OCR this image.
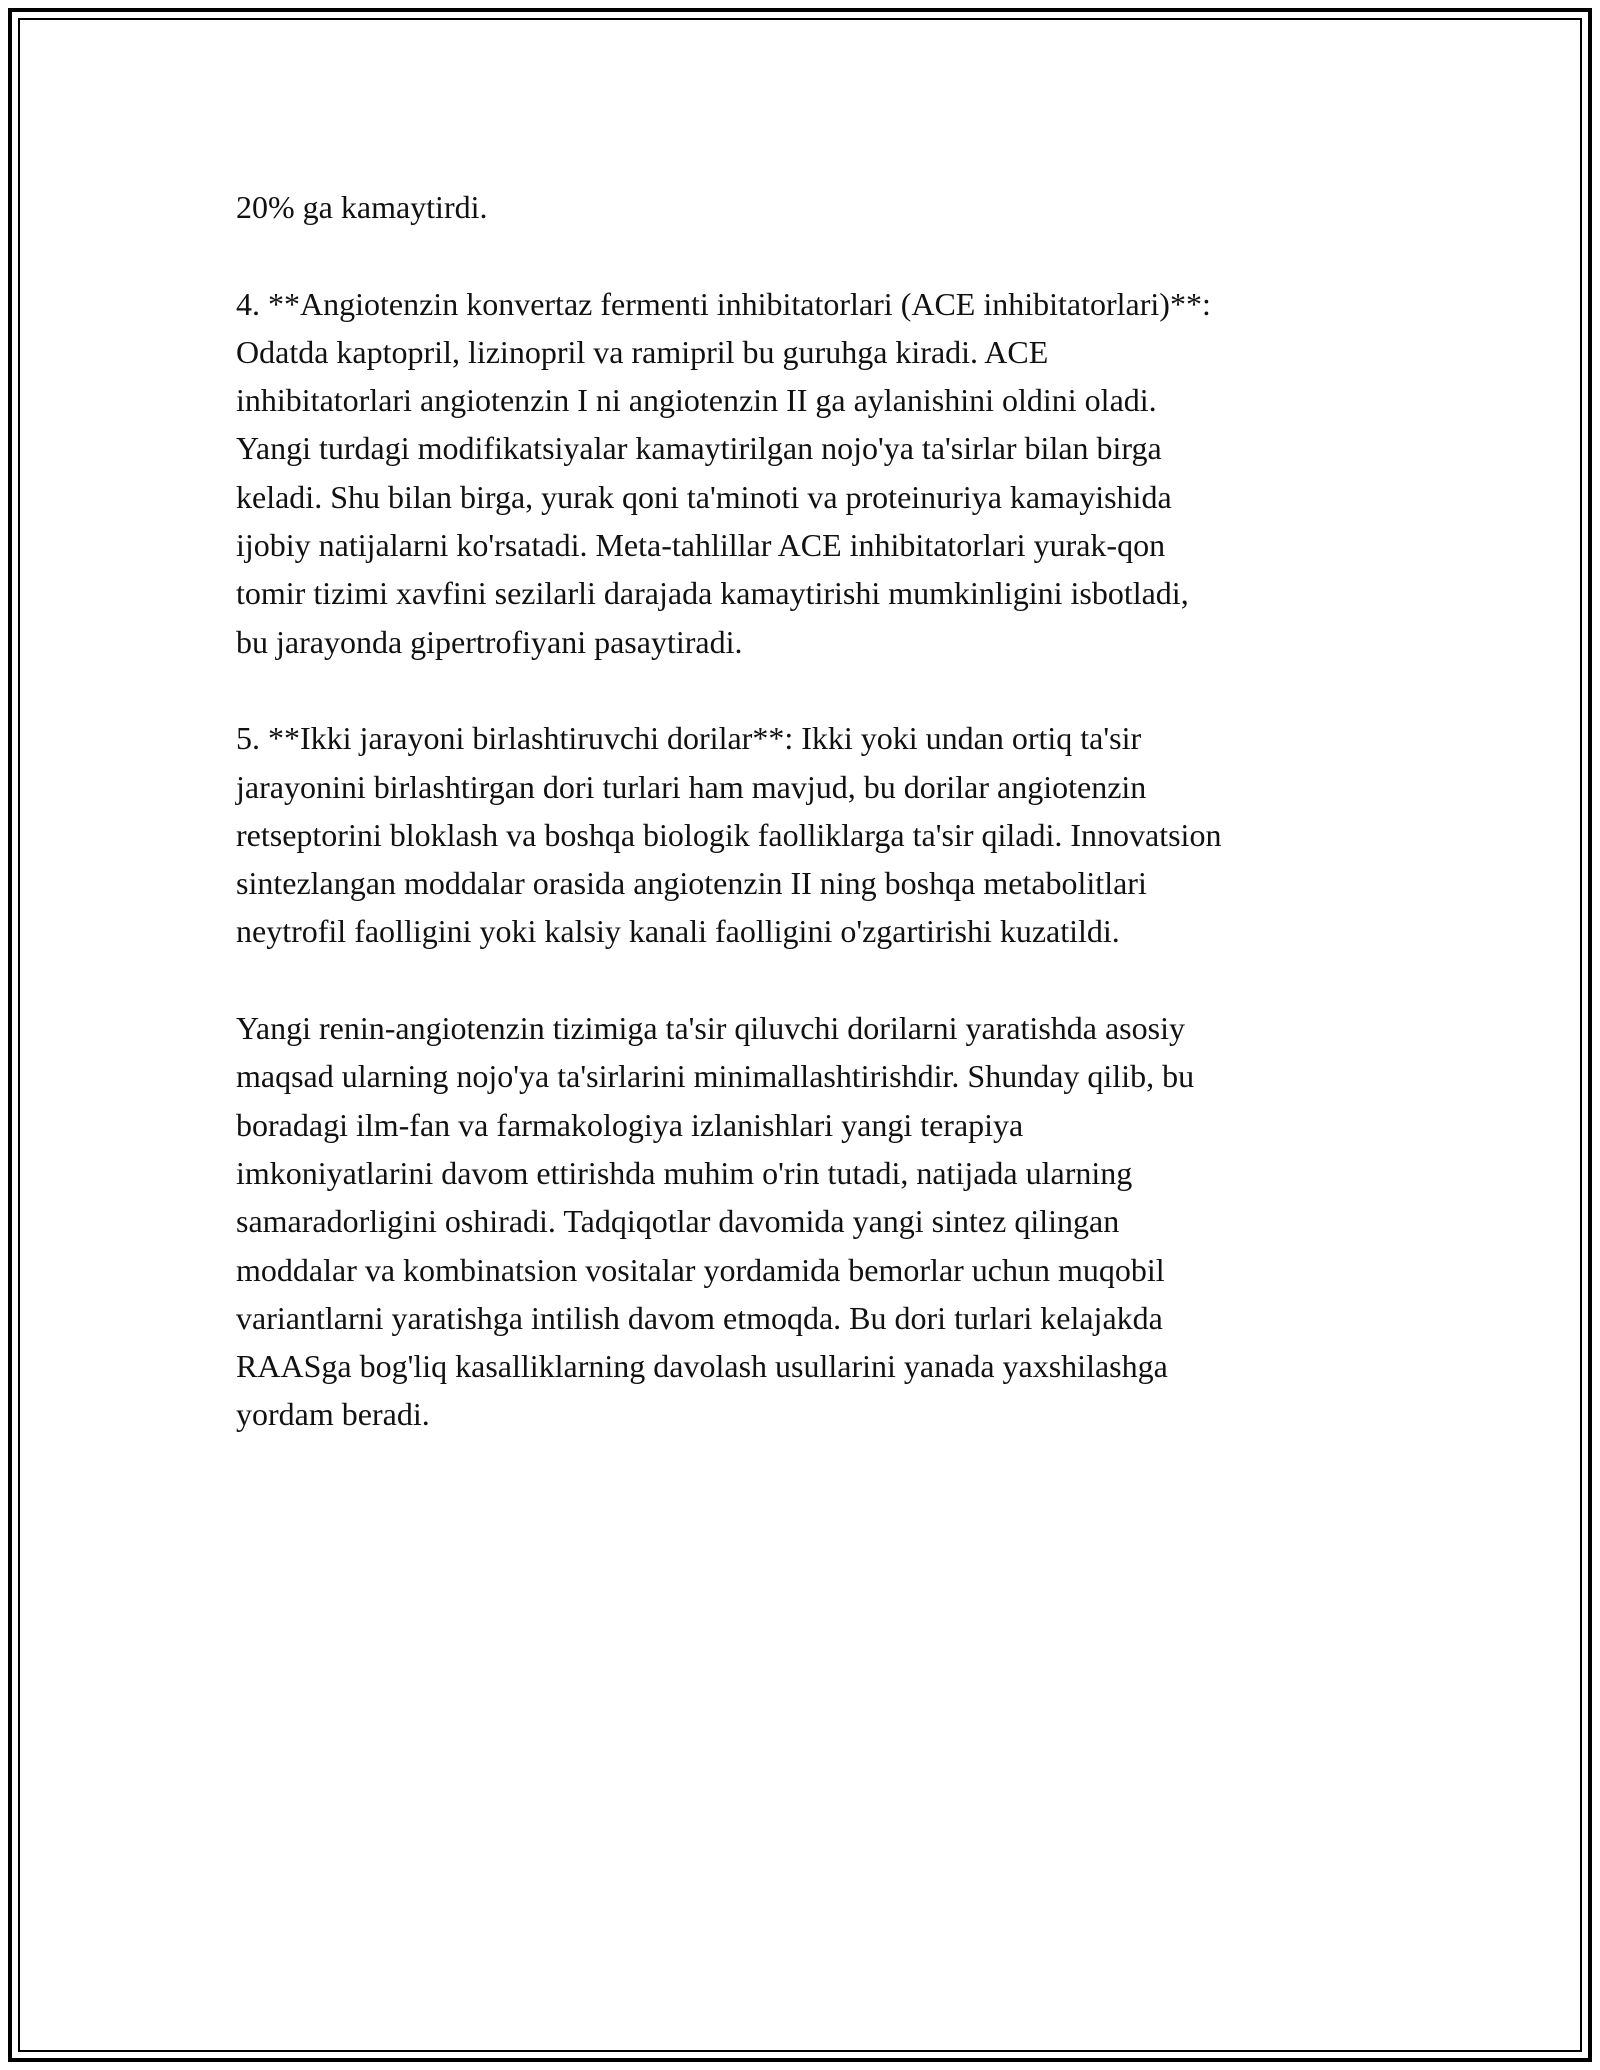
20% ga kamaytirdi.

4. **Angiotenzin konvertaz fermenti inhibitatorlari (ACE inhibitatorlari)**:
Odatda kaptopril, lizinopril va ramipril bu guruhga kiradi. ACE
inhibitatorlari angiotenzin I ni angiotenzin II ga aylanishini oldini oladi.
Yangi turdagi modifikatsiyalar kamaytirilgan nojo'ya ta'sirlar bilan birga
keladi. Shu bilan birga, yurak qoni ta'minoti va proteinuriya kamayishida
ijobiy natijalarni ko'rsatadi. Meta-tahlillar ACE inhibitatorlari yurak-qon
tomir tizimi xavfini sezilarli darajada kamaytirishi mumkinligini isbotladi,
bu jarayonda gipertrofiyani pasaytiradi.

5. **Ikki jarayoni birlashtiruvchi dorilar**: Ikki yoki undan ortiq ta'sir
jarayonini birlashtirgan dori turlari ham mavjud, bu dorilar angiotenzin
retseptorini bloklash va boshqa biologik faolliklarga ta'sir qiladi. Innovatsion
sintezlangan moddalar orasida angiotenzin II ning boshqa metabolitlari
neytrofil faolligini yoki kalsiy kanali faolligini o'zgartirishi kuzatildi.

Yangi renin-angiotenzin tizimiga ta'sir qiluvchi dorilarni yaratishda asosiy
maqsad ularning nojo'ya ta'sirlarini minimallashtirishdir. Shunday qilib, bu
boradagi ilm-fan va farmakologiya izlanishlari yangi terapiya
imkoniyatlarini davom ettirishda muhim o'rin tutadi, natijada ularning
samaradorligini oshiradi. Tadqiqotlar davomida yangi sintez qilingan
moddalar va kombinatsion vositalar yordamida bemorlar uchun muqobil
variantlarni yaratishga intilish davom etmoqda. Bu dori turlari kelajakda
RAASga bog'liq kasalliklarning davolash usullarini yanada yaxshilashga
yordam beradi.
